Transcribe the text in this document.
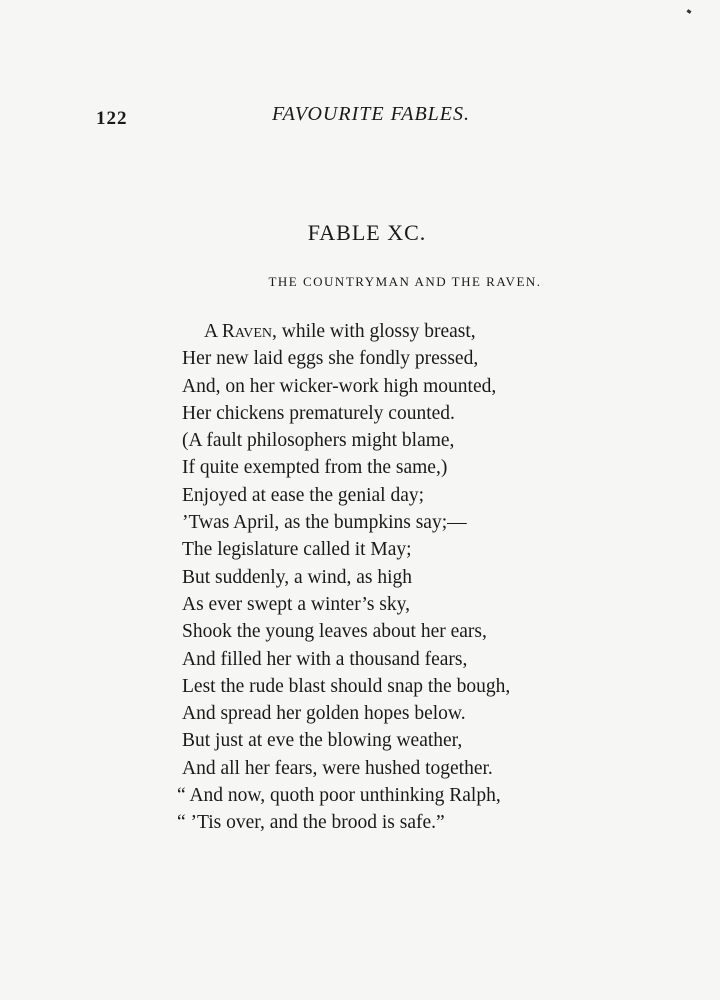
122	FAVOURITE FABLES.
FABLE XC.
THE COUNTRYMAN AND THE RAVEN.
A Raven, while with glossy breast,
Her new laid eggs she fondly pressed,
And, on her wicker-work high mounted,
Her chickens prematurely counted.
(A fault philosophers might blame,
If quite exempted from the same,)
Enjoyed at ease the genial day;
’Twas April, as the bumpkins say;—
The legislature called it May;
But suddenly, a wind, as high
As ever swept a winter’s sky,
Shook the young leaves about her ears,
And filled her with a thousand fears,
Lest the rude blast should snap the bough,
And spread her golden hopes below.
But just at eve the blowing weather,
And all her fears, were hushed together.
“ And now, quoth poor unthinking Ralph,
“ ’Tis over, and the brood is safe.”
